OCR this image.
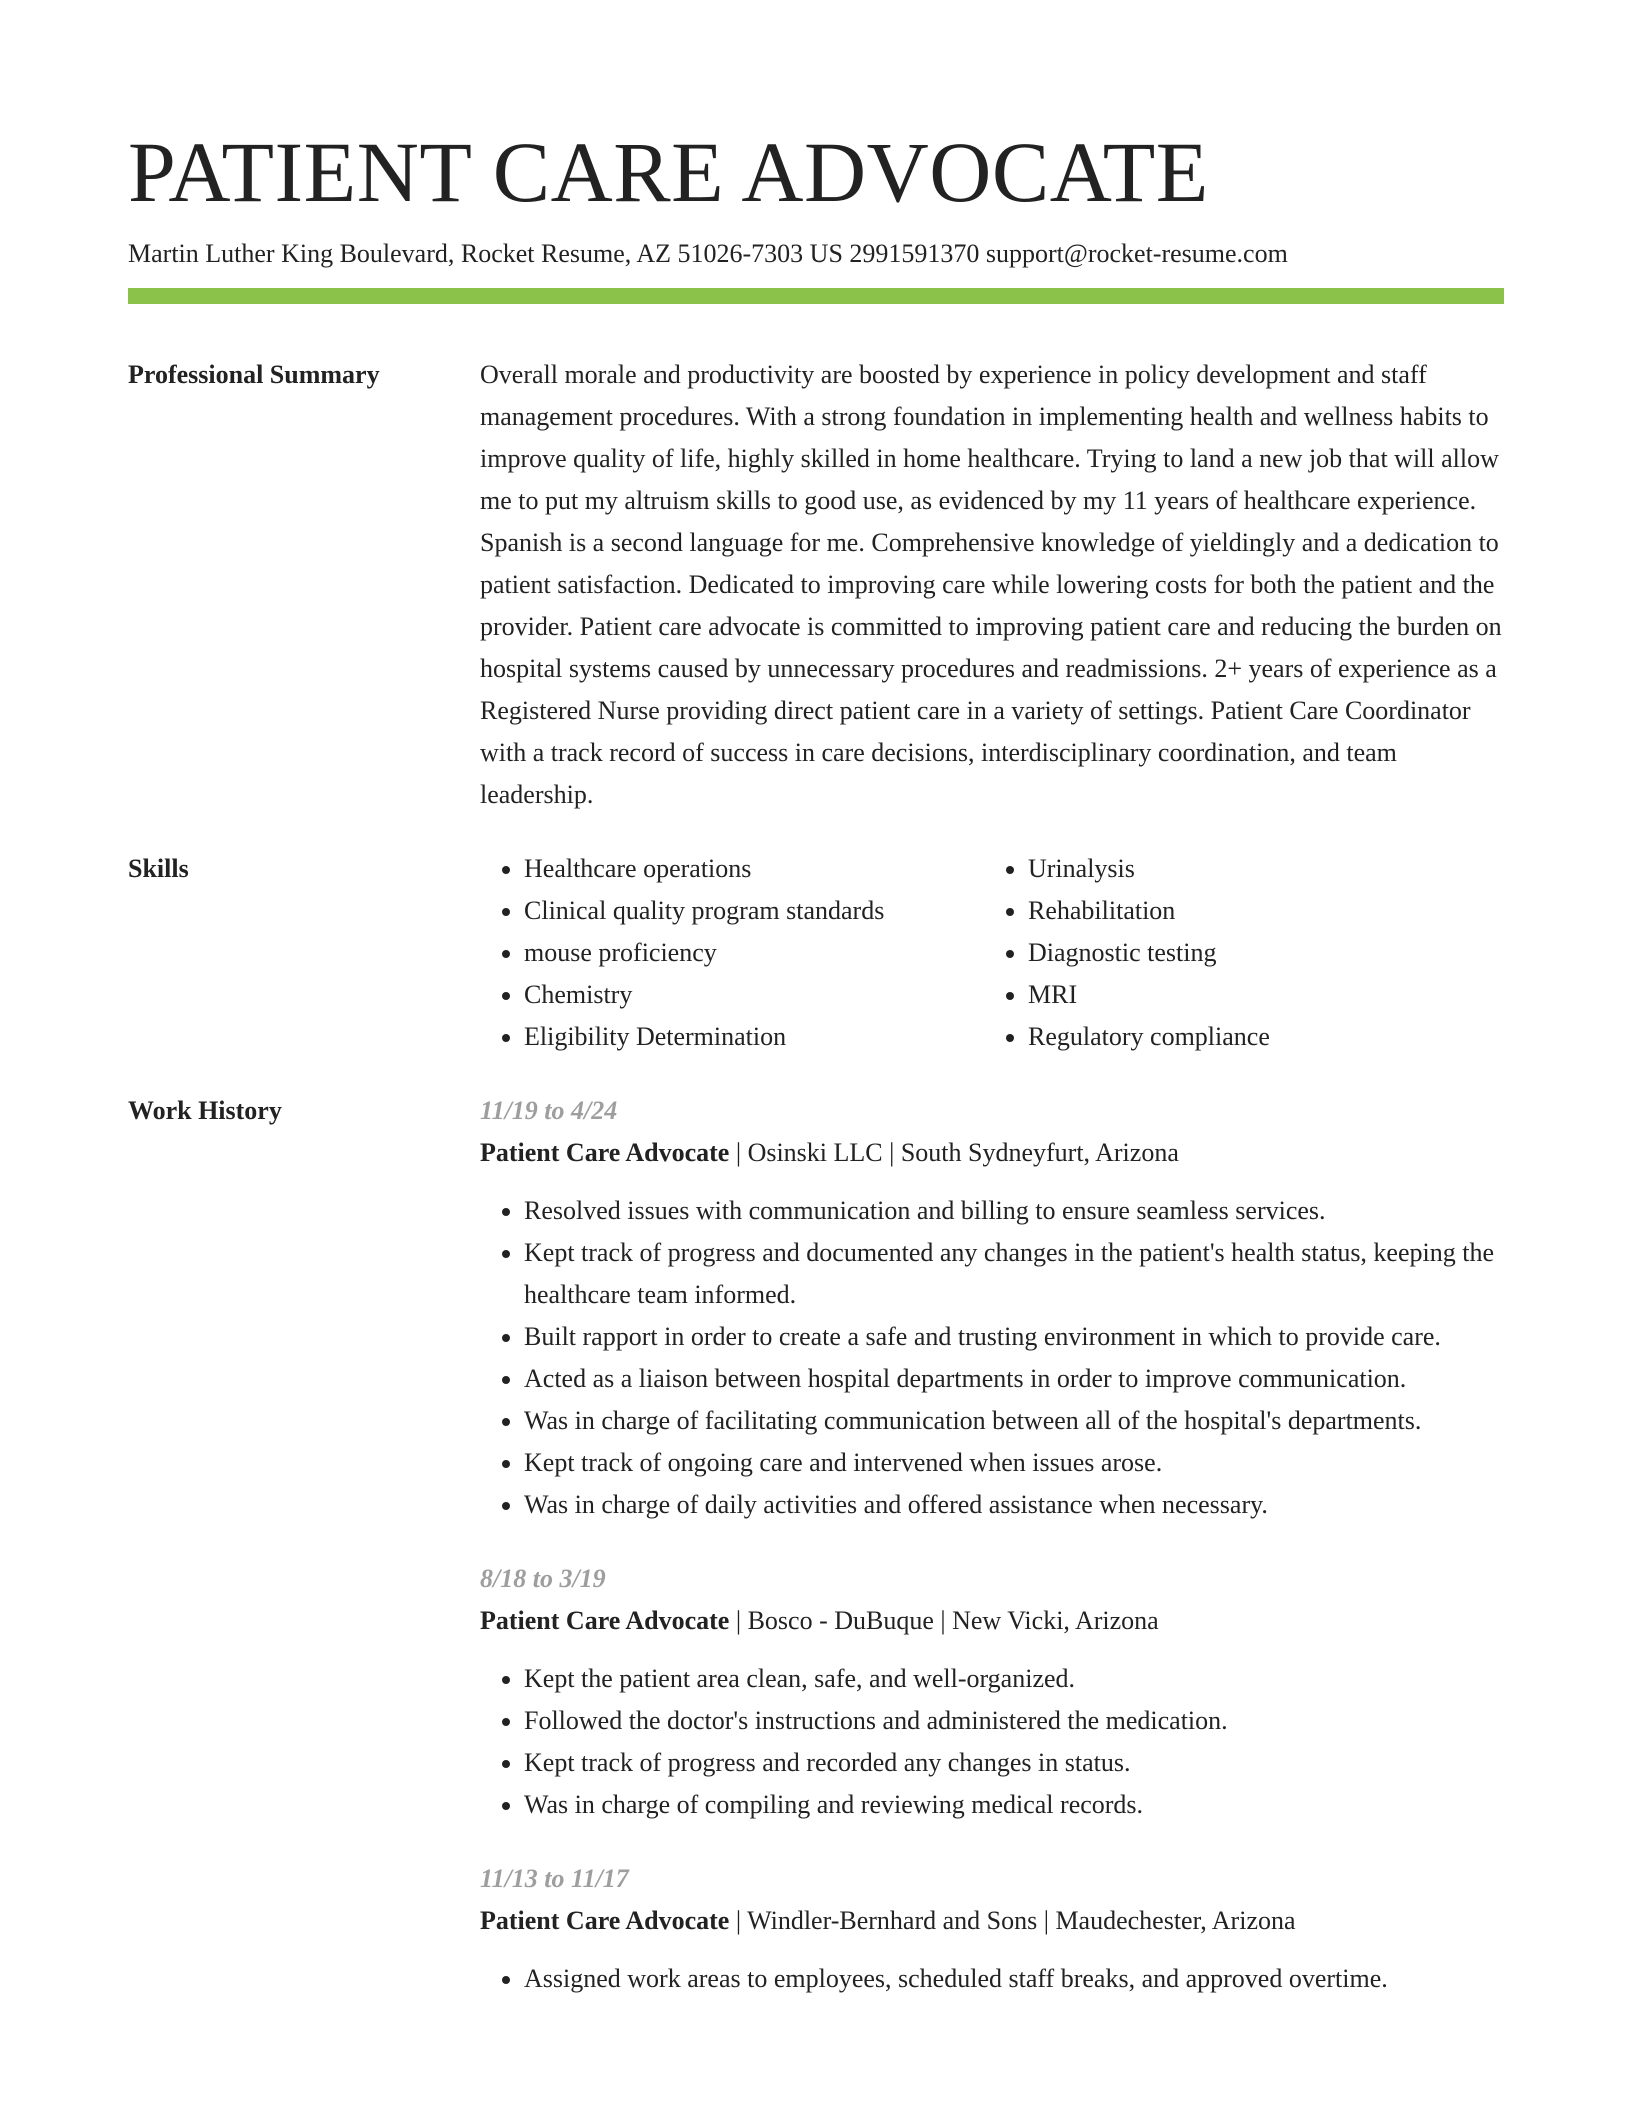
PATIENT CARE ADVOCATE
Martin Luther King Boulevard, Rocket Resume, AZ 51026-7303 US 2991591370 support@rocket-resume.com
Professional Summary	Overall morale and productivity are boosted by experience in policy development and staff management procedures. With a strong foundation in implementing health and wellness habits to improve quality of life, highly skilled in home healthcare. Trying to land a new job that will allow me to put my altruism skills to good use, as evidenced by my 11 years of healthcare experience. Spanish is a second language for me. Comprehensive knowledge of yieldingly and a dedication to patient satisfaction. Dedicated to improving care while lowering costs for both the patient and the provider. Patient care advocate is committed to improving patient care and reducing the burden on hospital systems caused by unnecessary procedures and readmissions. 2+ years of experience as a Registered Nurse providing direct patient care in a variety of settings. Patient Care Coordinator with a track record of success in care decisions, interdisciplinary coordination, and team leadership.

Skills
•	Healthcare operations
• Clinical quality program standards
• mouse proficiency
• Chemistry
• Eligibility Determination
• Urinalysis
• Rehabilitation
• Diagnostic testing
• MRI
• Regulatory compliance
Work History	11/19 to 4/24
Patient Care Advocate | Osinski LLC | South Sydneyfurt, Arizona
• Resolved issues with communication and billing to ensure seamless services.
• Kept track of progress and documented any changes in the patient's health status, keeping the healthcare team informed.
• Built rapport in order to create a safe and trusting environment in which to provide care.
• Acted as a liaison between hospital departments in order to improve communication.
• Was in charge of facilitating communication between all of the hospital's departments.
• Kept track of ongoing care and intervened when issues arose.
• Was in charge of daily activities and offered assistance when necessary.
8/18 to 3/19
Patient Care Advocate | Bosco - DuBuque | New Vicki, Arizona
• Kept the patient area clean, safe, and well-organized.
• Followed the doctor's instructions and administered the medication.
• Kept track of progress and recorded any changes in status.
• Was in charge of compiling and reviewing medical records.
11/13 to 11/17
Patient Care Advocate | Windler-Bernhard and Sons | Maudechester, Arizona
• Assigned work areas to employees, scheduled staff breaks, and approved overtime.
